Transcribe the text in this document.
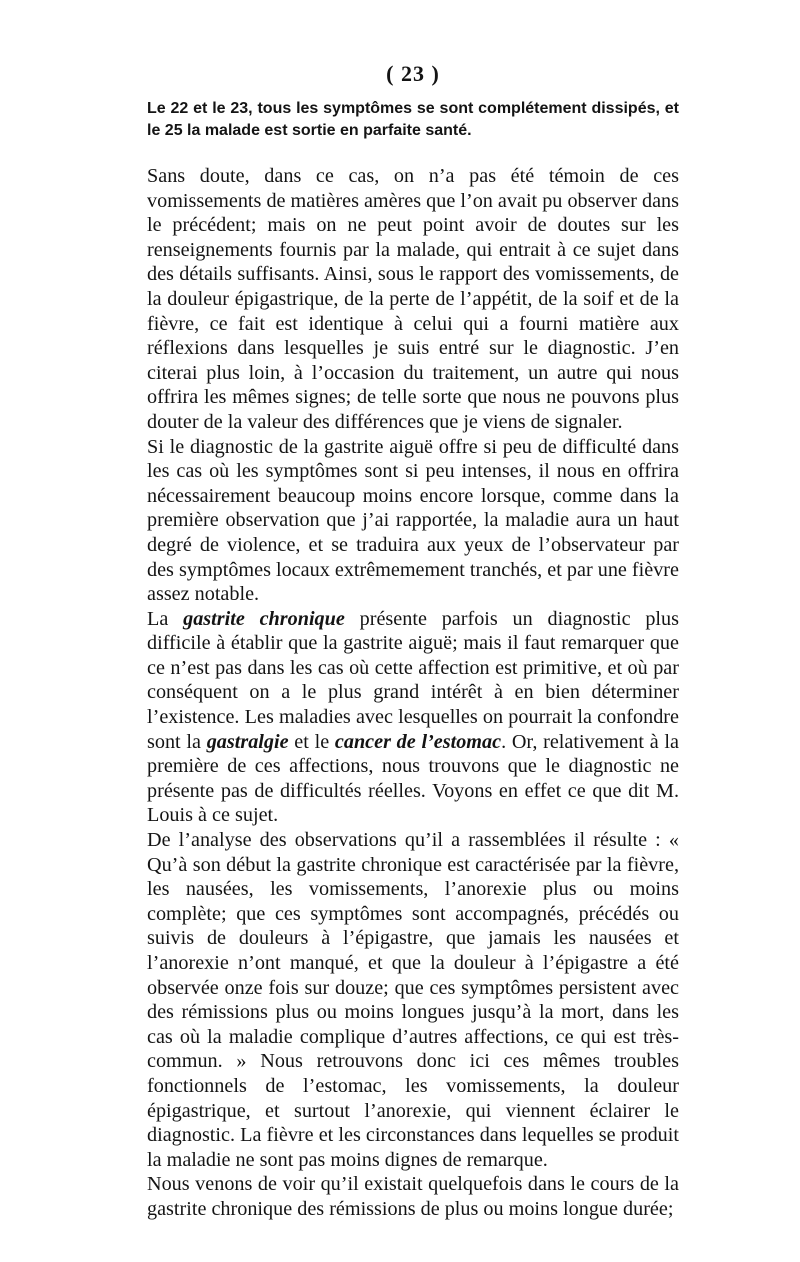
( 23 )

Le 22 et le 23, tous les symptômes se sont complétement dissipés, et le 25 la malade est sortie en parfaite santé.

Sans doute, dans ce cas, on n’a pas été témoin de ces vomissements de matières amères que l’on avait pu observer dans le précédent; mais on ne peut point avoir de doutes sur les renseignements fournis par la malade, qui entrait à ce sujet dans des détails suffisants. Ainsi, sous le rapport des vomissements, de la douleur épigastrique, de la perte de l’appétit, de la soif et de la fièvre, ce fait est identique à celui qui a fourni matière aux réflexions dans lesquelles je suis entré sur le diagnostic. J’en citerai plus loin, à l’occasion du traitement, un autre qui nous offrira les mêmes signes; de telle sorte que nous ne pouvons plus douter de la valeur des différences que je viens de signaler.

Si le diagnostic de la gastrite aiguë offre si peu de difficulté dans les cas où les symptômes sont si peu intenses, il nous en offrira nécessairement beaucoup moins encore lorsque, comme dans la première observation que j’ai rapportée, la maladie aura un haut degré de violence, et se traduira aux yeux de l’observateur par des symptômes locaux extrêmemement tranchés, et par une fièvre assez notable.

La gastrite chronique présente parfois un diagnostic plus difficile à établir que la gastrite aiguë; mais il faut remarquer que ce n’est pas dans les cas où cette affection est primitive, et où par conséquent on a le plus grand intérêt à en bien déterminer l’existence. Les maladies avec lesquelles on pourrait la confondre sont la gastralgie et le cancer de l’estomac. Or, relativement à la première de ces affections, nous trouvons que le diagnostic ne présente pas de difficultés réelles. Voyons en effet ce que dit M. Louis à ce sujet.

De l’analyse des observations qu’il a rassemblées il résulte : « Qu’à son début la gastrite chronique est caractérisée par la fièvre, les nausées, les vomissements, l’anorexie plus ou moins complète; que ces symptômes sont accompagnés, précédés ou suivis de douleurs à l’épigastre, que jamais les nausées et l’anorexie n’ont manqué, et que la douleur à l’épigastre a été observée onze fois sur douze; que ces symptômes persistent avec des rémissions plus ou moins longues jusqu’à la mort, dans les cas où la maladie complique d’autres affections, ce qui est très-commun. » Nous retrouvons donc ici ces mêmes troubles fonctionnels de l’estomac, les vomissements, la douleur épigastrique, et surtout l’anorexie, qui viennent éclairer le diagnostic. La fièvre et les circonstances dans lequelles se produit la maladie ne sont pas moins dignes de remarque.

Nous venons de voir qu’il existait quelquefois dans le cours de la gastrite chronique des rémissions de plus ou moins longue durée;
